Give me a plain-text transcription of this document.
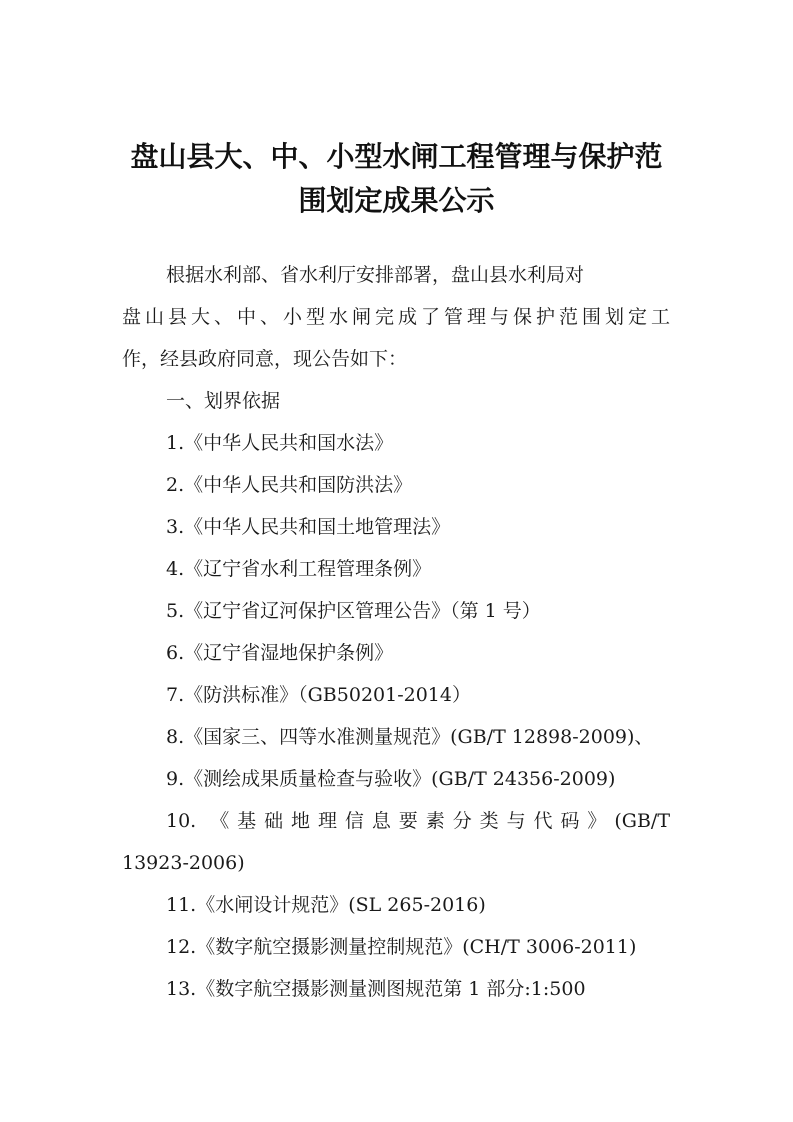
盘山县大、中、小型水闸工程管理与保护范
围划定成果公示

根据水利部、省水利厅安排部署，盘山县水利局对

盘山县大、中、小型水闸完成了管理与保护范围划定工

作，经县政府同意，现公告如下：

一、划界依据

1.《中华人民共和国水法》

2.《中华人民共和国防洪法》

3.《中华人民共和国土地管理法》

4.《辽宁省水利工程管理条例》

5.《辽宁省辽河保护区管理公告》（第 1 号）

6.《辽宁省湿地保护条例》

7.《防洪标准》（GB50201-2014）

8.《国家三、四等水准测量规范》(GB/T 12898-2009)、

9.《测绘成果质量检查与验收》(GB/T 24356-2009)

10. 《基础地理信息要素分类与代码》(GB/T

13923-2006)

11.《水闸设计规范》(SL 265-2016)

12.《数字航空摄影测量控制规范》(CH/T 3006-2011)

13.《数字航空摄影测量测图规范第 1 部分:1:500
